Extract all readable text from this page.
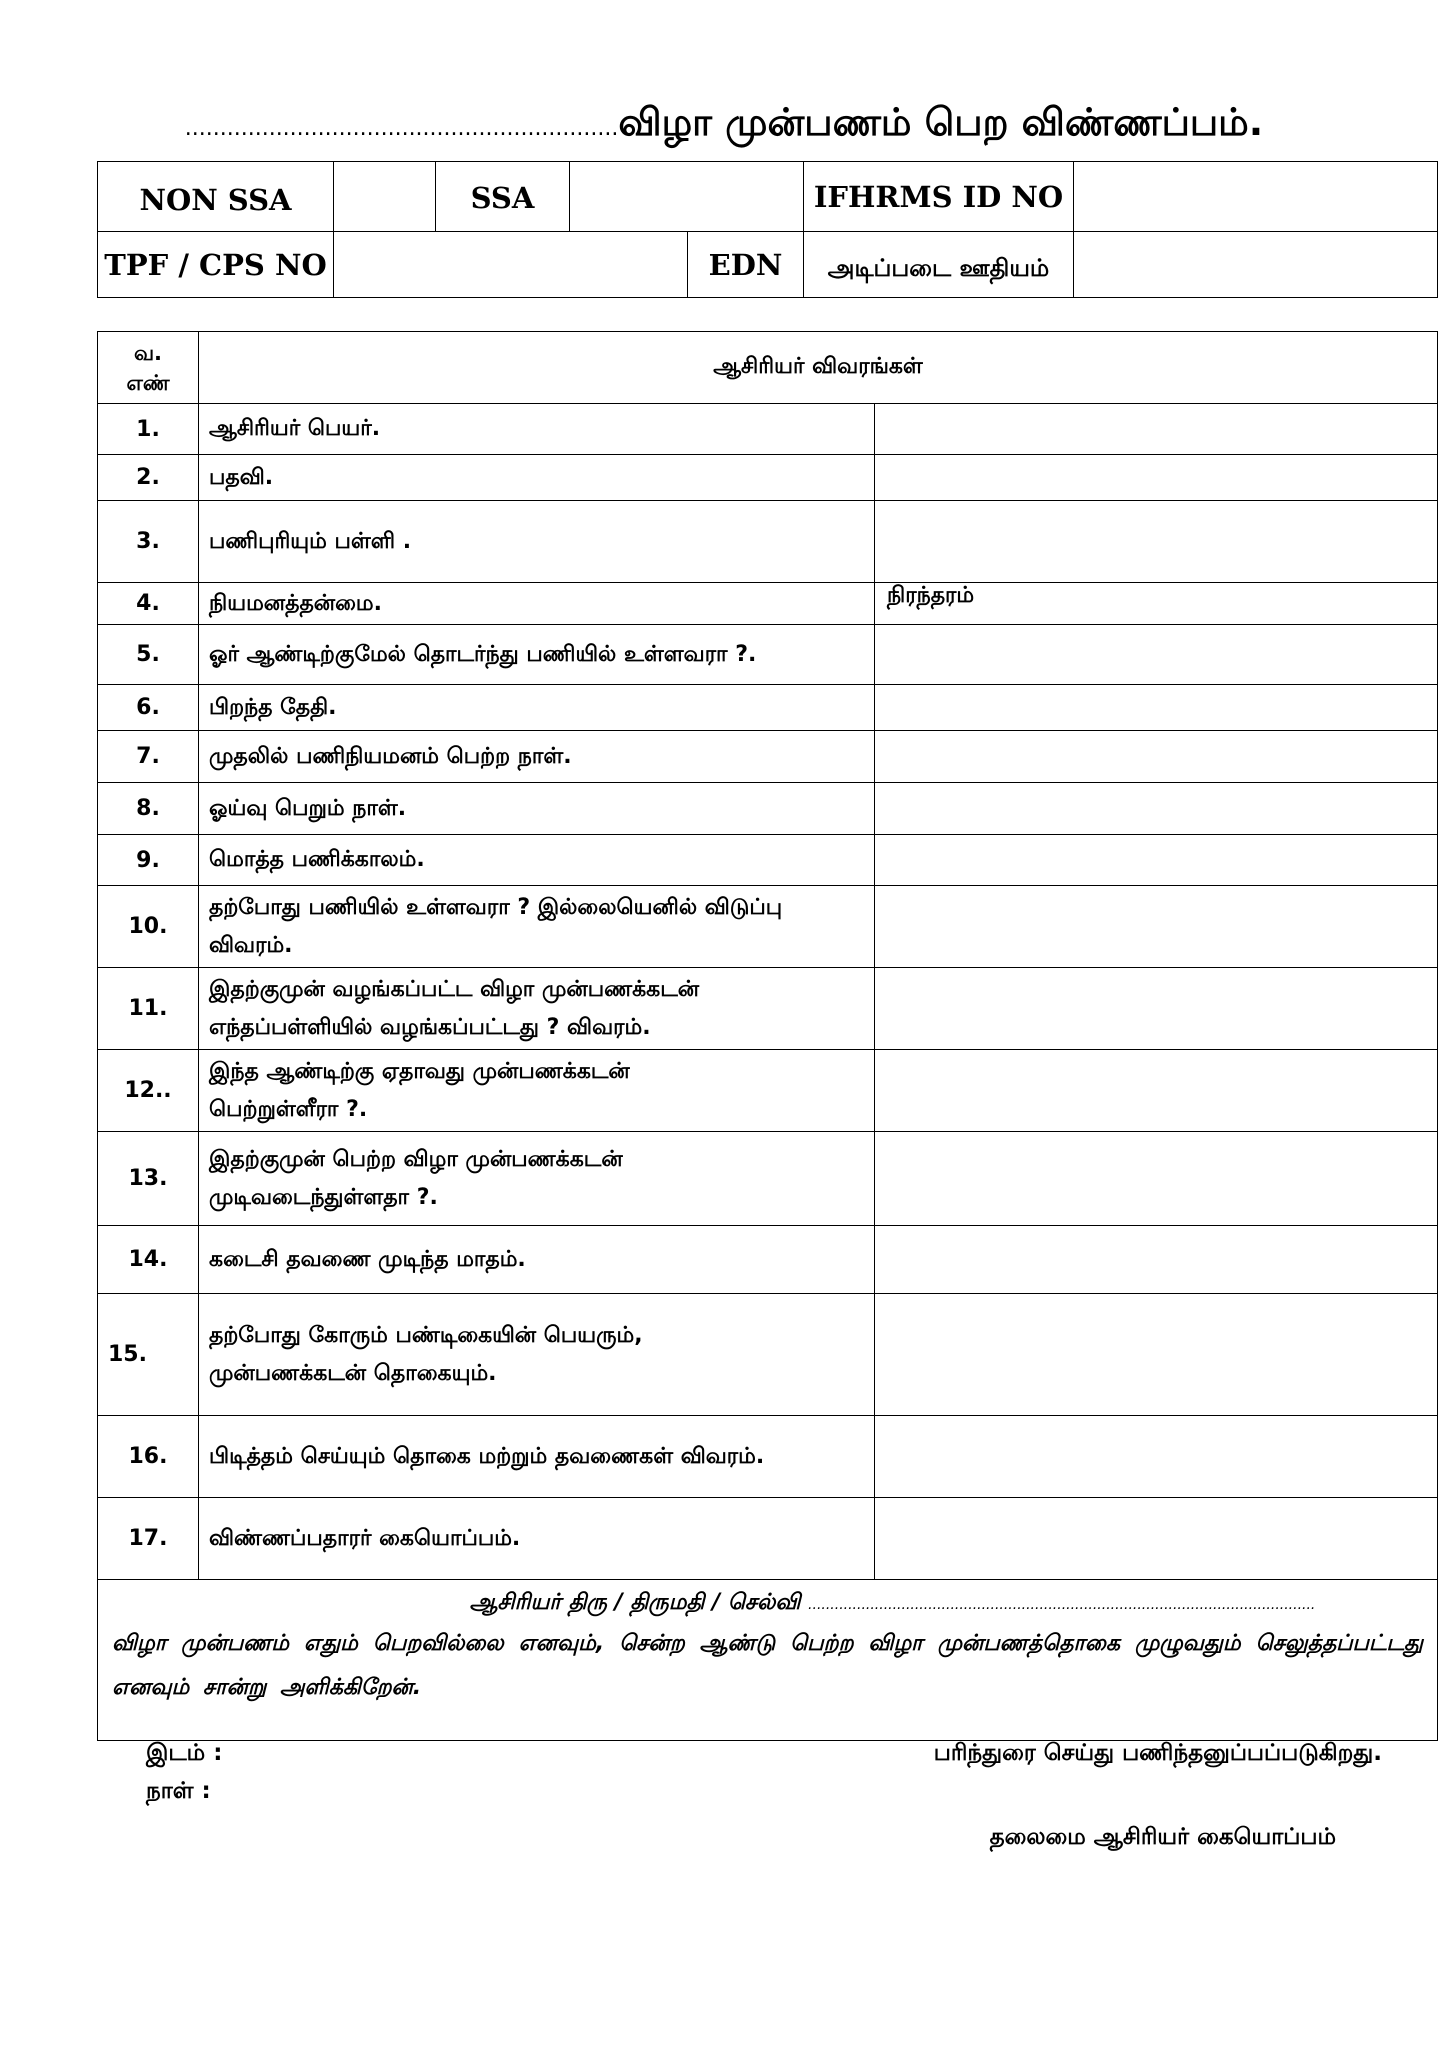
..............................................................விழா முன்பணம் பெற விண்ணப்பம்.
NON SSA		SSA			IFHRMS ID NO	

TPF / CPS NO				EDN	அடிப்படை ஊதியம்	

வ.
எண்	ஆசிரியர் விவரங்கள்	
1.	ஆசிரியர் பெயர்.	

2.	பதவி.	

3.	பணிபுரியும் பள்ளி .	

4.	நியமனத்தன்மை.	நிரந்தரம்
5.	ஓர் ஆண்டிற்குமேல் தொடர்ந்து பணியில் உள்ளவரா ?.	

6.	பிறந்த தேதி.	

7.	முதலில் பணிநியமனம் பெற்ற நாள்.	

8.	ஓய்வு பெறும் நாள்.	

9.	மொத்த பணிக்காலம்.	

10.	தற்போது பணியில் உள்ளவரா ? இல்லையெனில் விடுப்பு
விவரம்.	

11.	இதற்குமுன் வழங்கப்பட்ட விழா முன்பணக்கடன்
எந்தப்பள்ளியில் வழங்கப்பட்டது ? விவரம்.	

12..	இந்த ஆண்டிற்கு ஏதாவது முன்பணக்கடன்
பெற்றுள்ளீரா ?.	

13.	இதற்குமுன் பெற்ற விழா முன்பணக்கடன்
முடிவடைந்துள்ளதா ?.	

14.	கடைசி தவணை முடிந்த மாதம்.	

15.	தற்போது கோரும் பண்டிகையின் பெயரும்,
முன்பணக்கடன் தொகையும்.	

16.	பிடித்தம் செய்யும் தொகை மற்றும் தவணைகள் விவரம்.	

17.	விண்ணப்பதாரர் கையொப்பம்.	

ஆசிரியர் திரு / திருமதி / செல்வி ..................................................................................................................
விழா முன்பணம் எதும் பெறவில்லை எனவும், சென்ற ஆண்டு பெற்ற விழா முன்பணத்தொகை முழுவதும் செலுத்தப்பட்டது எனவும் சான்று அளிக்கிறேன்.		
இடம் :
நாள் :
பரிந்துரை செய்து பணிந்தனுப்பப்படுகிறது.
தலைமை ஆசிரியர் கையொப்பம்
